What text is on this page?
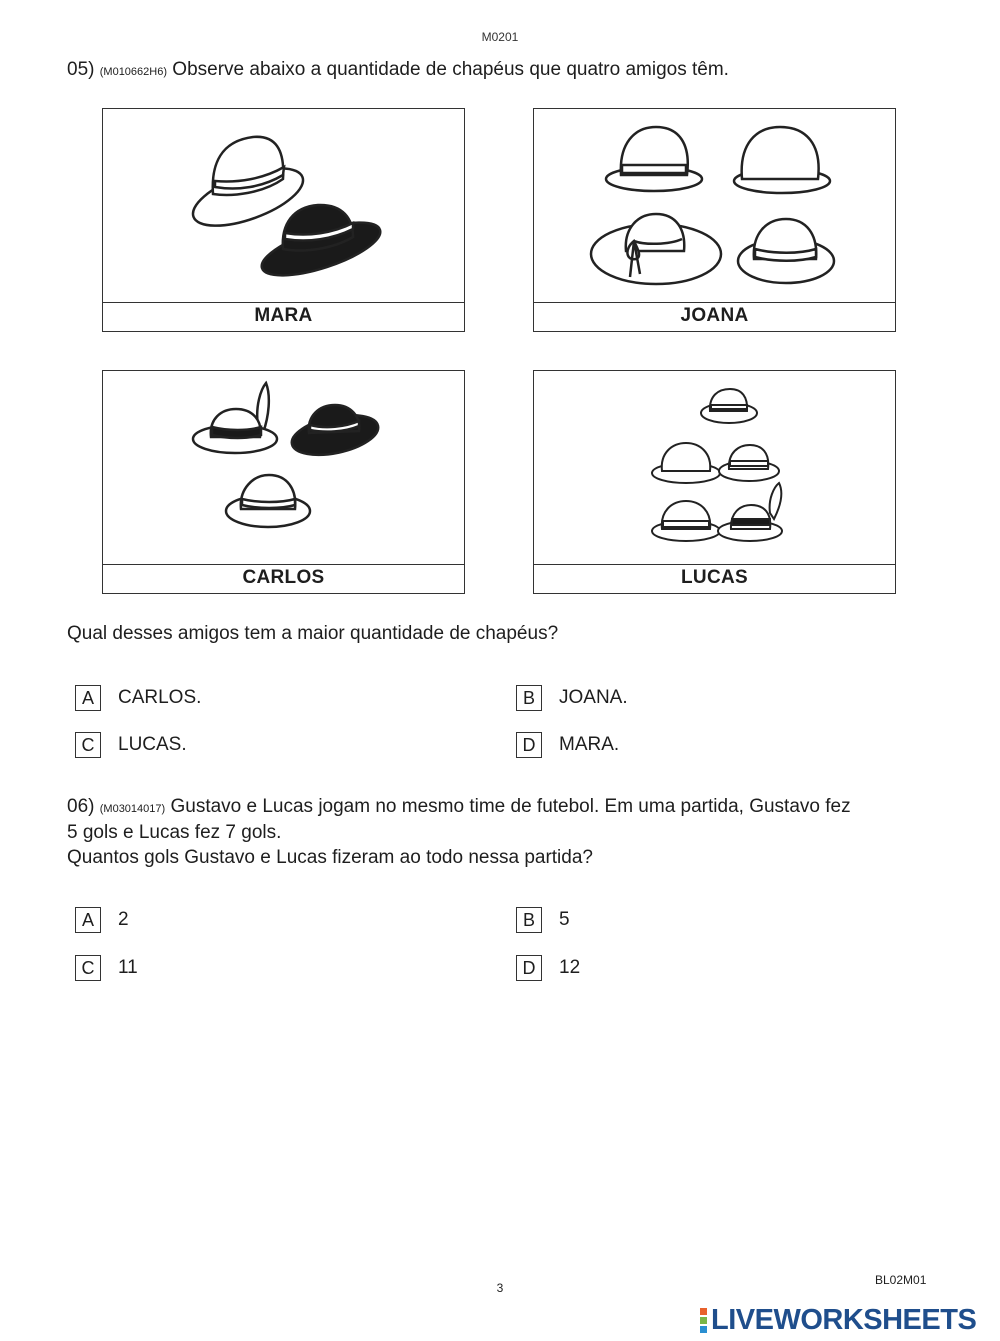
M0201
05) (M010662H6) Observe abaixo a quantidade de chapéus que quatro amigos têm.
MARA	JOANA
CARLOS	LUCAS
Qual desses amigos tem a maior quantidade de chapéus?
A	CARLOS.	B	JOANA.
C	LUCAS.	D	MARA.
06) (M03014017) Gustavo e Lucas jogam no mesmo time de futebol. Em uma partida, Gustavo fez
5 gols e Lucas fez 7 gols.
Quantos gols Gustavo e Lucas fizeram ao todo nessa partida?
A	2	B	5
C	11	D	12
3
BL02M01
LIVEWORKSHEETS
